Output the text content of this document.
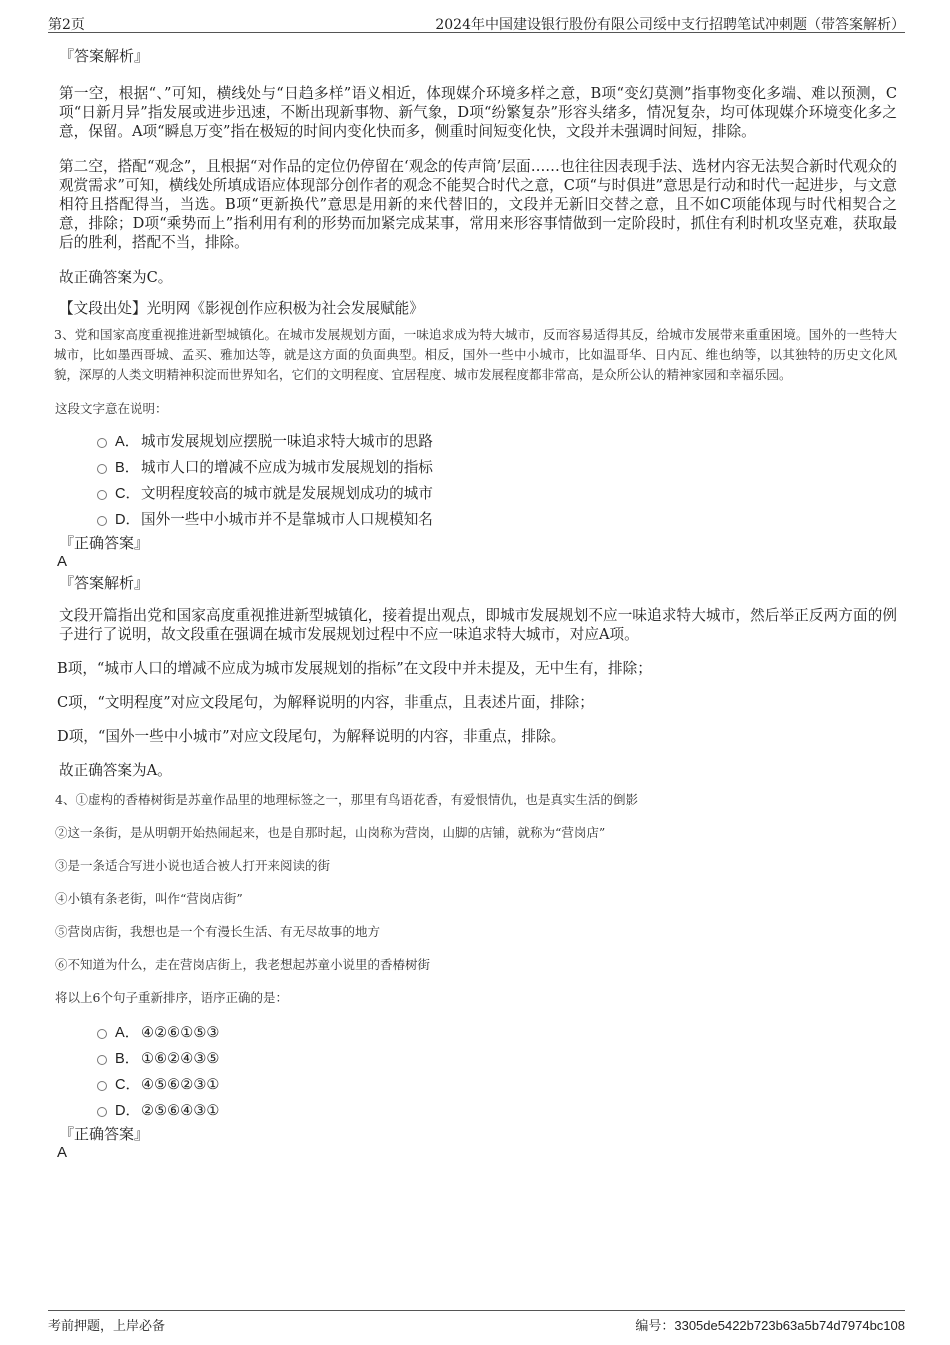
第2页	2024年中国建设银行股份有限公司绥中支行招聘笔试冲刺题（带答案解析）
『答案解析』

第一空，根据“、”可知，横线处与“日趋多样”语义相近，体现媒介环境多样之意，B项“变幻莫测”指事物变化多端、难以预测，C项“日新月异”指发展或进步迅速，不断出现新事物、新气象，D项“纷繁复杂”形容头绪多，情况复杂，均可体现媒介环境变化多之意，保留。A项“瞬息万变”指在极短的时间内变化快而多，侧重时间短变化快，文段并未强调时间短，排除。

第二空，搭配“观念”，且根据“对作品的定位仍停留在‘观念的传声筒’层面……也往往因表现手法、选材内容无法契合新时代观众的观赏需求”可知，横线处所填成语应体现部分创作者的观念不能契合时代之意，C项“与时俱进”意思是行动和时代一起进步，与文意相符且搭配得当，当选。B项“更新换代”意思是用新的来代替旧的，文段并无新旧交替之意，且不如C项能体现与时代相契合之意，排除；D项“乘势而上”指利用有利的形势而加紧完成某事，常用来形容事情做到一定阶段时，抓住有利时机攻坚克难，获取最后的胜利，搭配不当，排除。

故正确答案为C。

【文段出处】光明网《影视创作应积极为社会发展赋能》

3、党和国家高度重视推进新型城镇化。在城市发展规划方面，一味追求成为特大城市，反而容易适得其反，给城市发展带来重重困境。国外的一些特大城市，比如墨西哥城、孟买、雅加达等，就是这方面的负面典型。相反，国外一些中小城市，比如温哥华、日内瓦、维也纳等，以其独特的历史文化风貌，深厚的人类文明精神积淀而世界知名，它们的文明程度、宜居程度、城市发展程度都非常高，是众所公认的精神家园和幸福乐园。

这段文字意在说明：

A． 城市发展规划应摆脱一味追求特大城市的思路
B． 城市人口的增减不应成为城市发展规划的指标
C．文明程度较高的城市就是发展规划成功的城市
D．国外一些中小城市并不是靠城市人口规模知名
『正确答案』
A
『答案解析』

文段开篇指出党和国家高度重视推进新型城镇化，接着提出观点，即城市发展规划不应一味追求特大城市，然后举正反两方面的例子进行了说明，故文段重在强调在城市发展规划过程中不应一味追求特大城市，对应A项。

B项，“城市人口的增减不应成为城市发展规划的指标”在文段中并未提及，无中生有，排除；

C项，“文明程度”对应文段尾句，为解释说明的内容，非重点，且表述片面，排除；

D项，“国外一些中小城市”对应文段尾句，为解释说明的内容，非重点，排除。

故正确答案为A。

4、①虚构的香椿树街是苏童作品里的地理标签之一，那里有鸟语花香，有爱恨情仇，也是真实生活的倒影

②这一条街，是从明朝开始热闹起来，也是自那时起，山岗称为营岗，山脚的店铺，就称为“营岗店”

③是一条适合写进小说也适合被人打开来阅读的街

④小镇有条老街，叫作“营岗店街”

⑤营岗店街，我想也是一个有漫长生活、有无尽故事的地方

⑥不知道为什么，走在营岗店街上，我老想起苏童小说里的香椿树街

将以上6个句子重新排序，语序正确的是：

A． ④②⑥①⑤③
B． ①⑥②④③⑤
C．④⑤⑥②③①
D．②⑤⑥④③①
『正确答案』
A
考前押题，上岸必备	编号：3305de5422b723b63a5b74d7974bc108
